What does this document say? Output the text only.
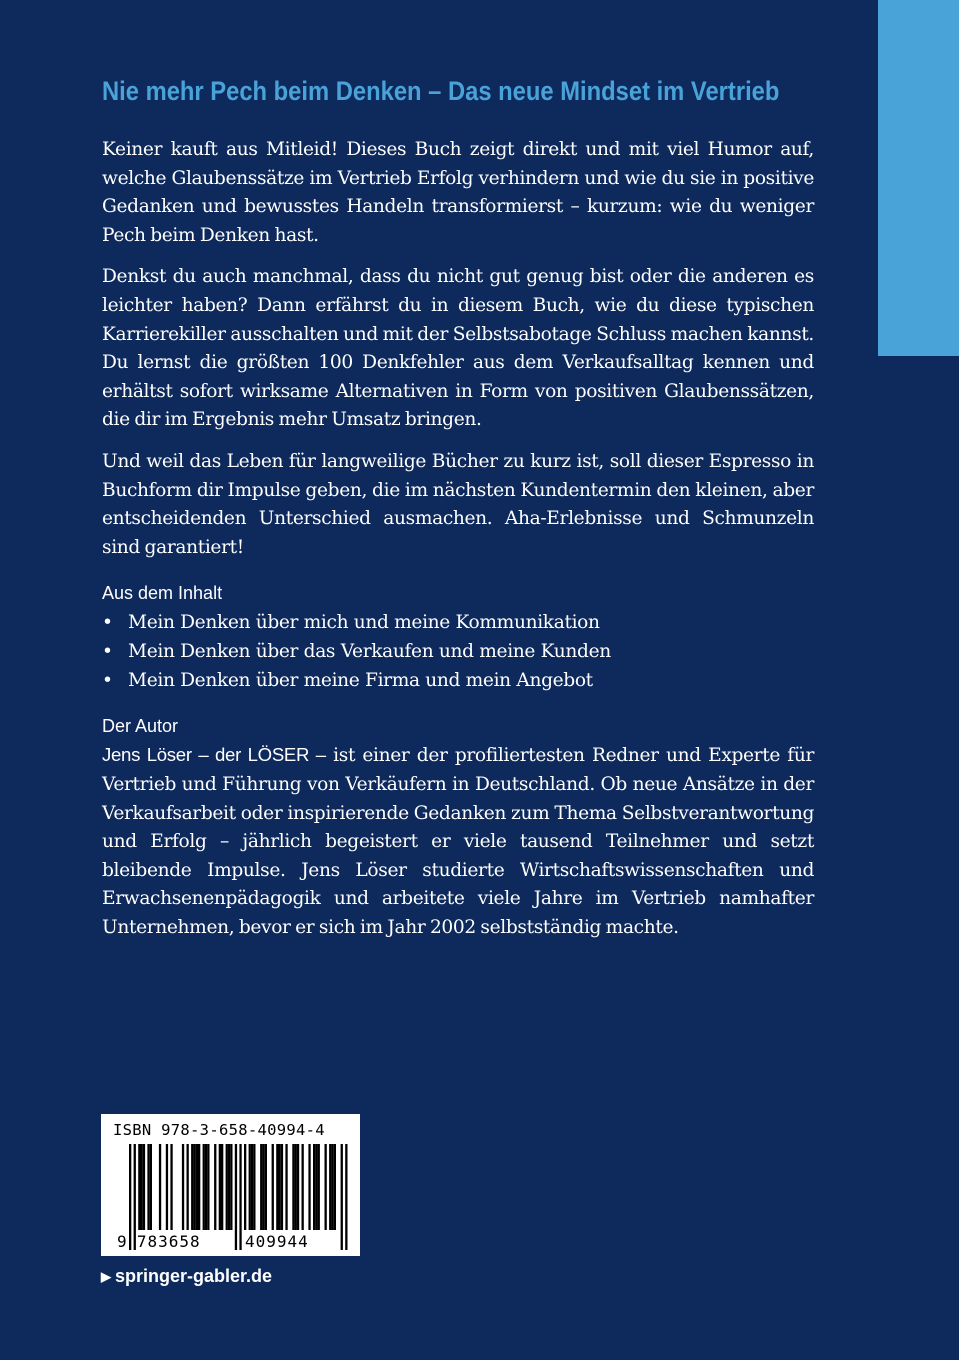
Nie mehr Pech beim Denken – Das neue Mindset im Vertrieb

Keiner kauft aus Mitleid! Dieses Buch zeigt direkt und mit viel Humor auf, welche Glaubenssätze im Vertrieb Erfolg verhindern und wie du sie in positive Gedanken und bewusstes Handeln transformierst – kurzum: wie du weniger Pech beim Denken hast.

Denkst du auch manchmal, dass du nicht gut genug bist oder die anderen es leichter haben? Dann erfährst du in diesem Buch, wie du diese typischen Karrierekiller ausschalten und mit der Selbstsabotage Schluss machen kannst. Du lernst die größten 100 Denkfehler aus dem Verkaufsalltag kennen und erhältst sofort wirksame Alternativen in Form von positiven Glaubenssätzen, die dir im Ergebnis mehr Umsatz bringen.

Und weil das Leben für langweilige Bücher zu kurz ist, soll dieser Espresso in Buchform dir Impulse geben, die im nächsten Kundentermin den kleinen, aber entscheidenden Unterschied ausmachen. Aha-Erlebnisse und Schmunzeln sind garantiert!

Aus dem Inhalt
• Mein Denken über mich und meine Kommunikation
• Mein Denken über das Verkaufen und meine Kunden
• Mein Denken über meine Firma und mein Angebot
Der Autor

Jens Löser – der LÖSER – ist einer der profiliertesten Redner und Experte für Vertrieb und Führung von Verkäufern in Deutschland. Ob neue Ansätze in der Verkaufsarbeit oder inspirierende Gedanken zum Thema Selbstverantwortung und Erfolg – jährlich begeistert er viele tausend Teilnehmer und setzt bleibende Impulse. Jens Löser studierte Wirtschaftswissenschaften und Erwachsenenpädagogik und arbeitete viele Jahre im Vertrieb namhafter Unternehmen, bevor er sich im Jahr 2002 selbstständig machte.

9 783658	409944
ISBN 978-3-658-40994-4
▶ springer-gabler.de
